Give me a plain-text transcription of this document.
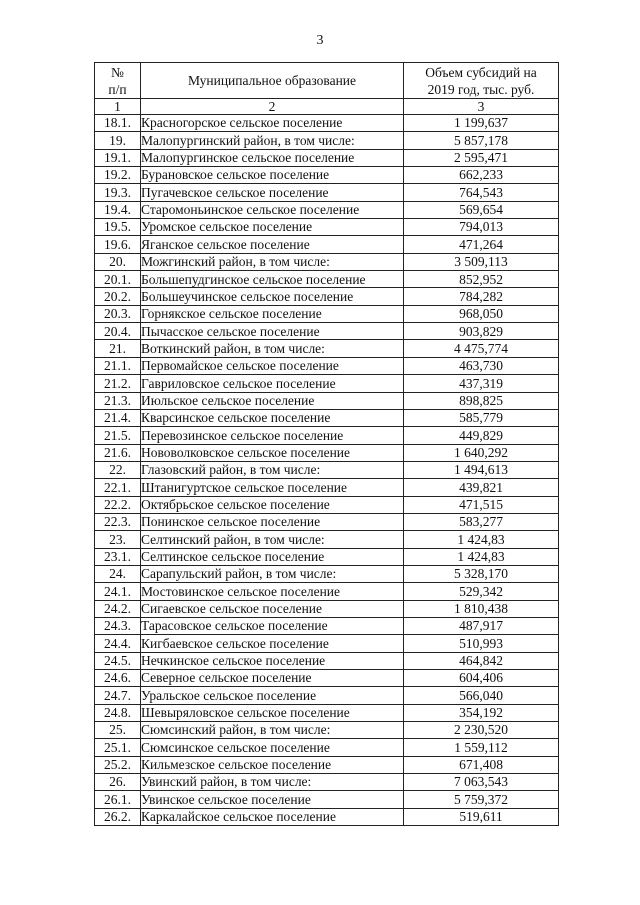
3
№
п/п	Муниципальное образование	Объем субсидий на
2019 год, тыс. руб.

1	2	3
18.1.	Красногорское сельское поселение	1 199,637
19.	Малопургинский район, в том числе:	5 857,178
19.1.	Малопургинское сельское поселение	2 595,471
19.2.	Бурановское сельское поселение	662,233
19.3.	Пугачевское сельское поселение	764,543
19.4.	Старомоньинское сельское поселение	569,654
19.5.	Уромское сельское поселение	794,013
19.6.	Яганское сельское поселение	471,264
20.	Можгинский район, в том числе:	3 509,113
20.1.	Большепудгинское сельское поселение	852,952
20.2.	Большеучинское сельское поселение	784,282
20.3.	Горнякское сельское поселение	968,050
20.4.	Пычасское сельское поселение	903,829
21.	Воткинский район, в том числе:	4 475,774
21.1.	Первомайское сельское поселение	463,730
21.2.	Гавриловское сельское поселение	437,319
21.3.	Июльское сельское поселение	898,825
21.4.	Кварсинское сельское поселение	585,779
21.5.	Перевозинское сельское поселение	449,829
21.6.	Нововолковское сельское поселение	1 640,292
22.	Глазовский район, в том числе:	1 494,613
22.1.	Штанигуртское сельское поселение	439,821
22.2.	Октябрьское сельское поселение	471,515
22.3.	Понинское сельское поселение	583,277
23.	Селтинский район, в том числе:	1 424,83
23.1.	Селтинское сельское поселение	1 424,83
24.	Сарапульский район, в том числе:	5 328,170
24.1.	Мостовинское сельское поселение	529,342
24.2.	Сигаевское сельское поселение	1 810,438
24.3.	Тарасовское сельское поселение	487,917
24.4.	Кигбаевское сельское поселение	510,993
24.5.	Нечкинское сельское поселение	464,842
24.6.	Северное сельское поселение	604,406
24.7.	Уральское сельское поселение	566,040
24.8.	Шевыряловское сельское поселение	354,192
25.	Сюмсинский район, в том числе:	2 230,520
25.1.	Сюмсинское сельское поселение	1 559,112
25.2.	Кильмезское сельское поселение	671,408
26.	Увинский район, в том числе:	7 063,543
26.1.	Увинское сельское поселение	5 759,372
26.2.	Каркалайское сельское поселение	519,611
